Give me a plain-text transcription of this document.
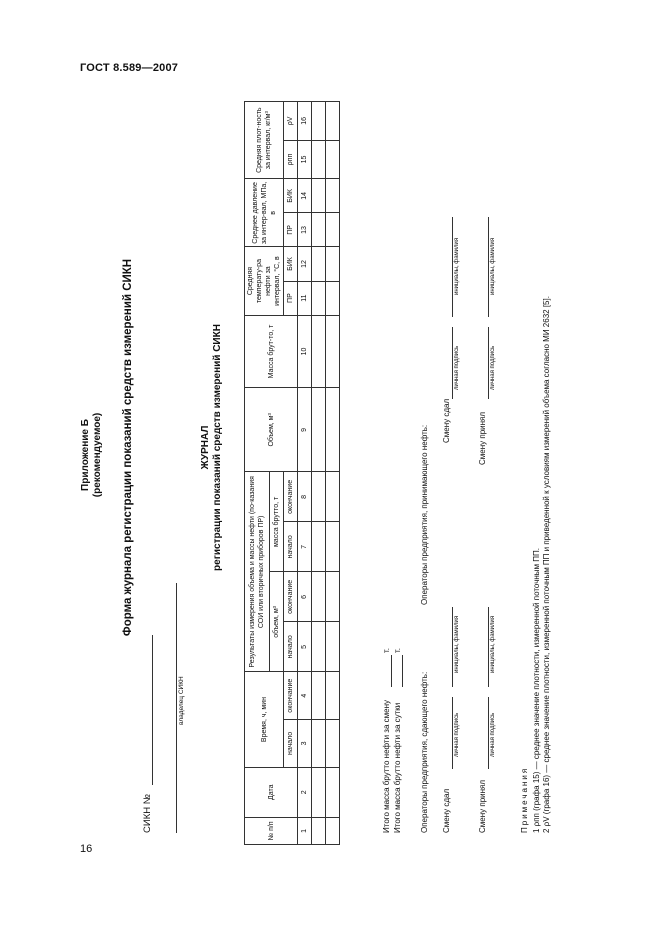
ГОСТ 8.589—2007
16
Приложение Б (рекомендуемое) Форма журнала регистрации показаний средств измерений СИКН
СИКН №
владелец СИКН
ЖУРНАЛ регистрации показаний средств измерений СИКН
№ п/п	Дата	Время, ч, мин		Результаты измерения объема и массы нефти (по-казания СОИ или вторичных приборов ПР)				Объем, м³	Масса брут-то, т	Средняя температу-ра нефти за интервал, °С, в		Среднее давление за интер-вал, МПа, в		Средняя плот-ность за интервал, кг/м³	
				объем, м³		масса брутто, т									
		начало	окончание	начало	окончание	начало	окончание			ПР	БИК	ПР	БИК	ρпп	ρV
1	2	3	4	5	6	7	8	9	10	11	12	13	14	15	16

Итого масса брутто нефти за смену
т.
Итого масса брутто нефти за сутки
т.
Операторы предприятия, сдающего нефть:
Операторы предприятия, принимающего нефть:
Смену сдал
личная подпись
инициалы, фамилия
Смену принял
личная подпись
инициалы, фамилия
Смену сдал
личная подпись
инициалы, фамилия
Смену принял
личная подпись
инициалы, фамилия
Примечания 1 ρпп (графа 15) — среднее значение плотности, измеренной поточным ПП. 2 ρV (графа 16) — среднее значение плотности, измеренной поточным ПП и приведенной к условиям измерений объема согласно МИ 2632 [5].
